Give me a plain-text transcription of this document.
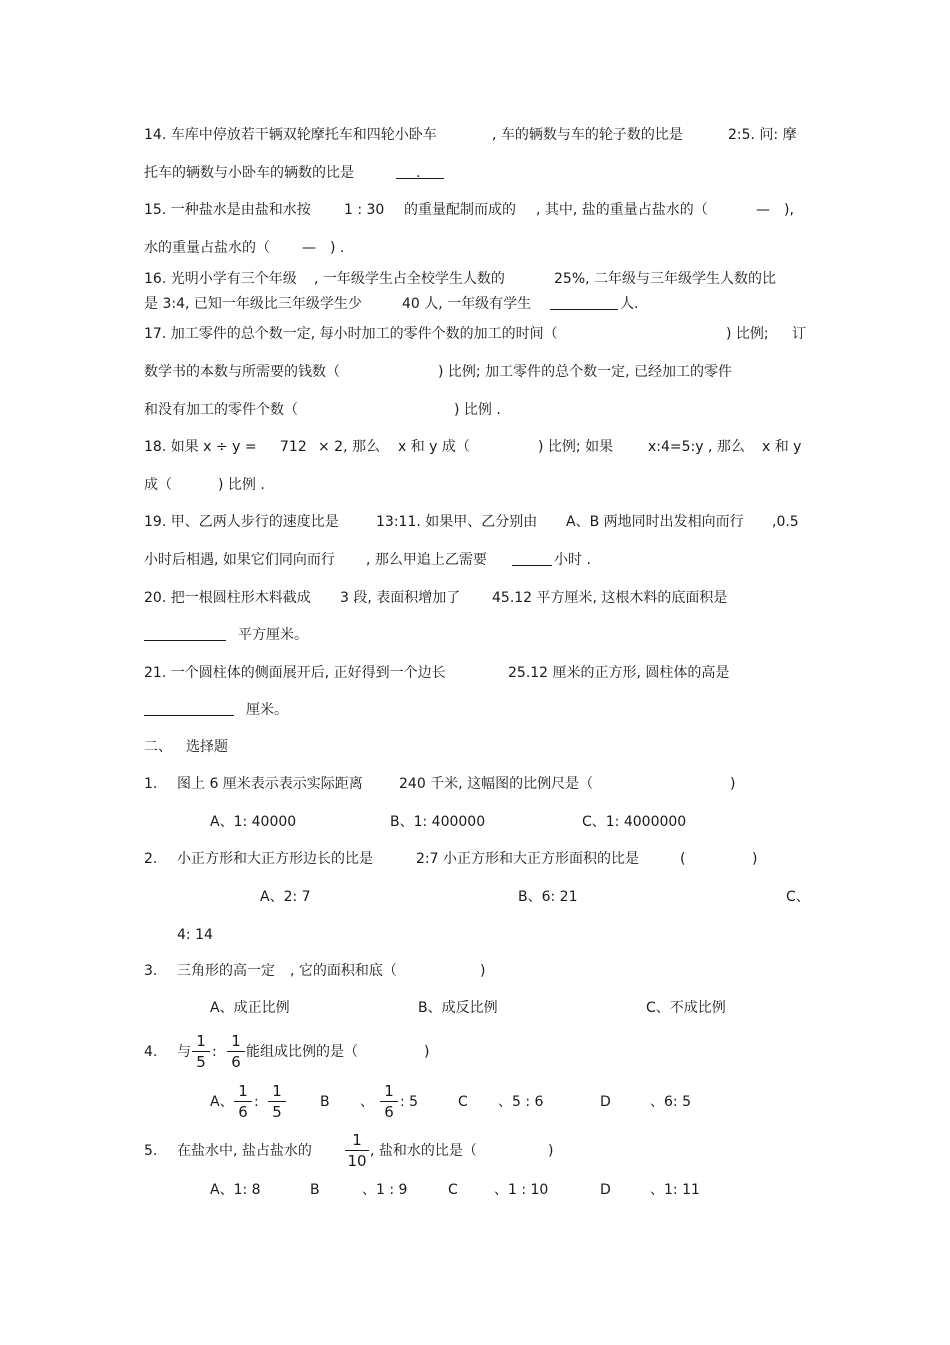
14. 车库中停放若干辆双轮摩托车和四轮小卧车	, 车的辆数与车的轮子数的比是	2:5. 问: 摩
托车的辆数与小卧车的辆数的比是	.
15. 一种盐水是由盐和水按 1 : 30 的重量配制而成的 , 其中, 盐的重量占盐水的（	— ),
水的重量占盐水的（ — ) .
16. 光明小学有三个年级 , 一年级学生占全校学生人数的	25%, 二年级与三年级学生人数的比
是 3:4, 已知一年级比三年级学生少	40 人, 一年级有学生	人.
17. 加工零件的总个数一定, 每小时加工的零件个数的加工的时间（	) 比例; 订
数学书的本数与所需要的钱数（	) 比例; 加工零件的总个数一定, 已经加工的零件
和没有加工的零件个数（	) 比例 .
18. 如果 x ÷ y = 712 × 2, 那么 x 和 y 成（	) 比例; 如果 x:4=5:y , 那么 x 和 y
成（	) 比例 .
19. 甲、乙两人步行的速度比是	13:11. 如果甲、乙分别由 A、B 两地同时出发相向而行 ,0.5
小时后相遇, 如果它们同向而行 , 那么甲追上乙需要	小时 .
20. 把一根圆柱形木料截成 3 段, 表面积增加了 45.12 平方厘米, 这根木料的底面积是
平方厘米。
21. 一个圆柱体的侧面展开后, 正好得到一个边长	25.12 厘米的正方形, 圆柱体的高是
厘米。
二、 选择题
1. 图上 6 厘米表示表示实际距离	240 千米, 这幅图的比例尺是（	)
A、1: 40000	B、1: 400000	C、1: 4000000
2. 小正方形和大正方形边长的比是	2:7 小正方形和大正方形面积的比是	(	)
A、2: 7	B、6: 21	C、
4: 14
3. 三角形的高一定 , 它的面积和底（	)
A、成正比例	B、成反比例	C、不成比例
4. 与 : 能组成比例的是（	)
1
5
1
6
A、 :	B 、 : 5	C 、5 : 6	D	、6: 5
1
6
1
5
1
6
5. 在盐水中, 盐占盐水的	, 盐和水的比是（	)
1
10
A、1: 8	B	、1 : 9	C	、1 : 10	D	、1: 11
